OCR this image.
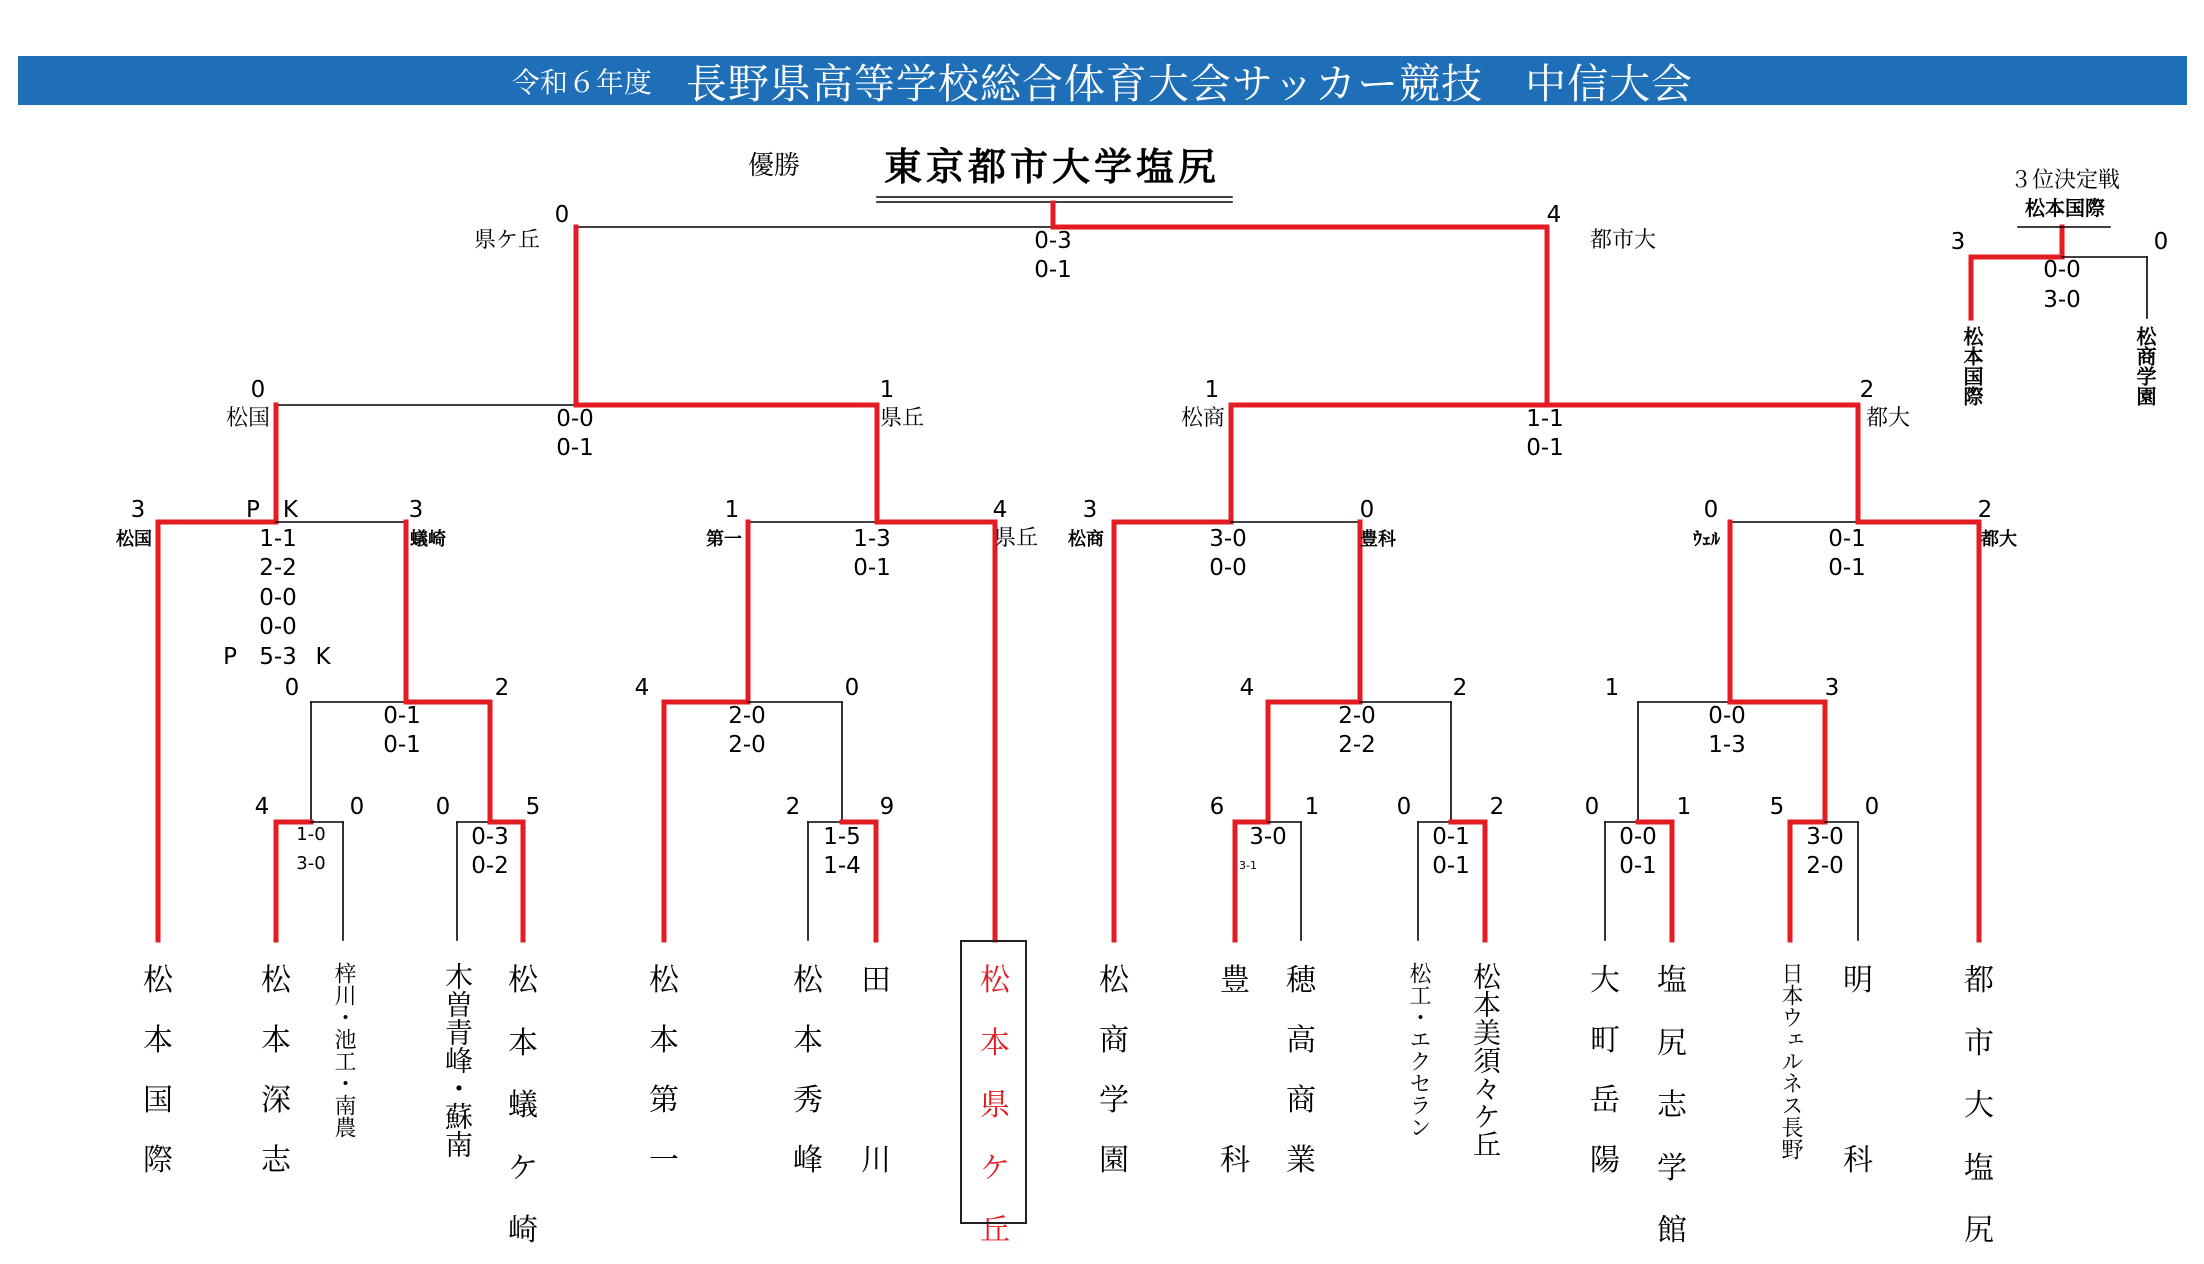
令和６年度 長野県高等学校総合体育大会サッカー競技　中信大会
優勝 東京都市大学塩尻
0	4
県ケ丘	都市大
0-3
0-1
３位決定戦
松本国際
3	0
0-0
3-0
松本国際	松商学園
0	1
松国	県丘
0-0
0-1
1	2
松商	都大
1-1
0-1
3	3
P　K
松国	蟻崎
1-1
2-2
0-0
0-0
P 5-3 K
1	4
第一	県丘
1-3
0-1
3	0
松商	豊科
3-0
0-0
0	2
ｳｪﾙ	都大
0-1
0-1
0	2
0-1
0-1
4	0
2-0
2-0
4	2
2-0
2-2
1	3
0-0
1-3
4	0
1-0
3-0
0	5
0-3
0-2
2	9
1-5
1-4
6	1
3-0
3-1
0	2
0-1
0-1
0	1
0-0
0-1
5	0
3-0
2-0
松
本
国
際
松
本
深
志
梓川・池工・南農	木曽青峰・蘇南 松
本
蟻
ケ
崎
松
本
第
一
松
本
秀
峰
田

川
松
本
県
ケ
丘
松
商
学
園
豊

科
穂
高
商
業
松工・エクセラン 松本美須々ケ丘	大
町
岳
陽
塩
尻
志
学
館
日本ウェルネス長野 明

科
都
市
大
塩
尻
